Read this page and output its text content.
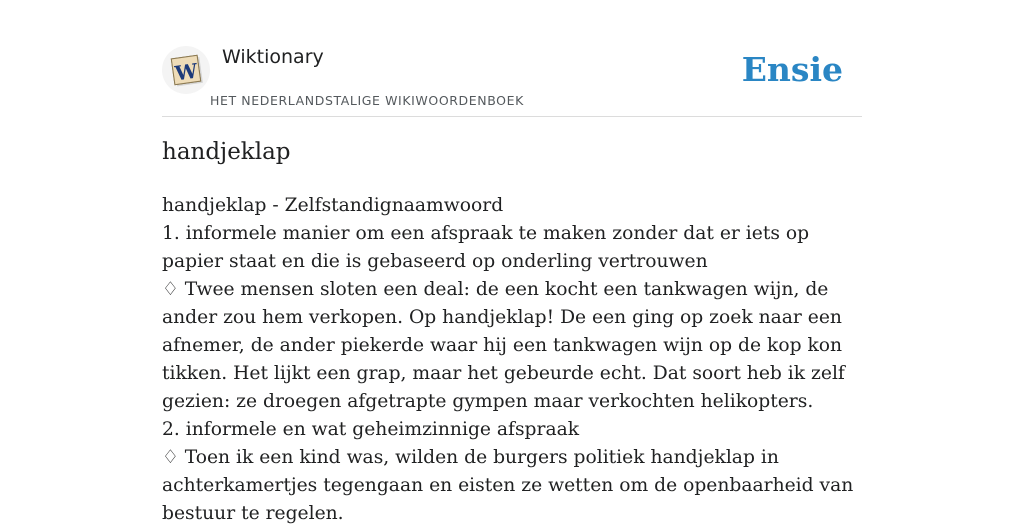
W
Wiktionary
HET NEDERLANDSTALIGE WIKIWOORDENBOEK
Ensie
handjeklap
handjeklap - Zelfstandignaamwoord
1. informele manier om een afspraak te maken zonder dat er iets op papier staat en die is gebaseerd op onderling vertrouwen
♢ Twee mensen sloten een deal: de een kocht een tankwagen wijn, de ander zou hem verkopen. Op handjeklap! De een ging op zoek naar een afnemer, de ander piekerde waar hij een tankwagen wijn op de kop kon tikken. Het lijkt een grap, maar het gebeurde echt. Dat soort heb ik zelf gezien: ze droegen afgetrapte gympen maar verkochten helikopters.
2. informele en wat geheimzinnige afspraak
♢ Toen ik een kind was, wilden de burgers politiek handjeklap in achterkamertjes tegengaan en eisten ze wetten om de openbaarheid van bestuur te regelen.
